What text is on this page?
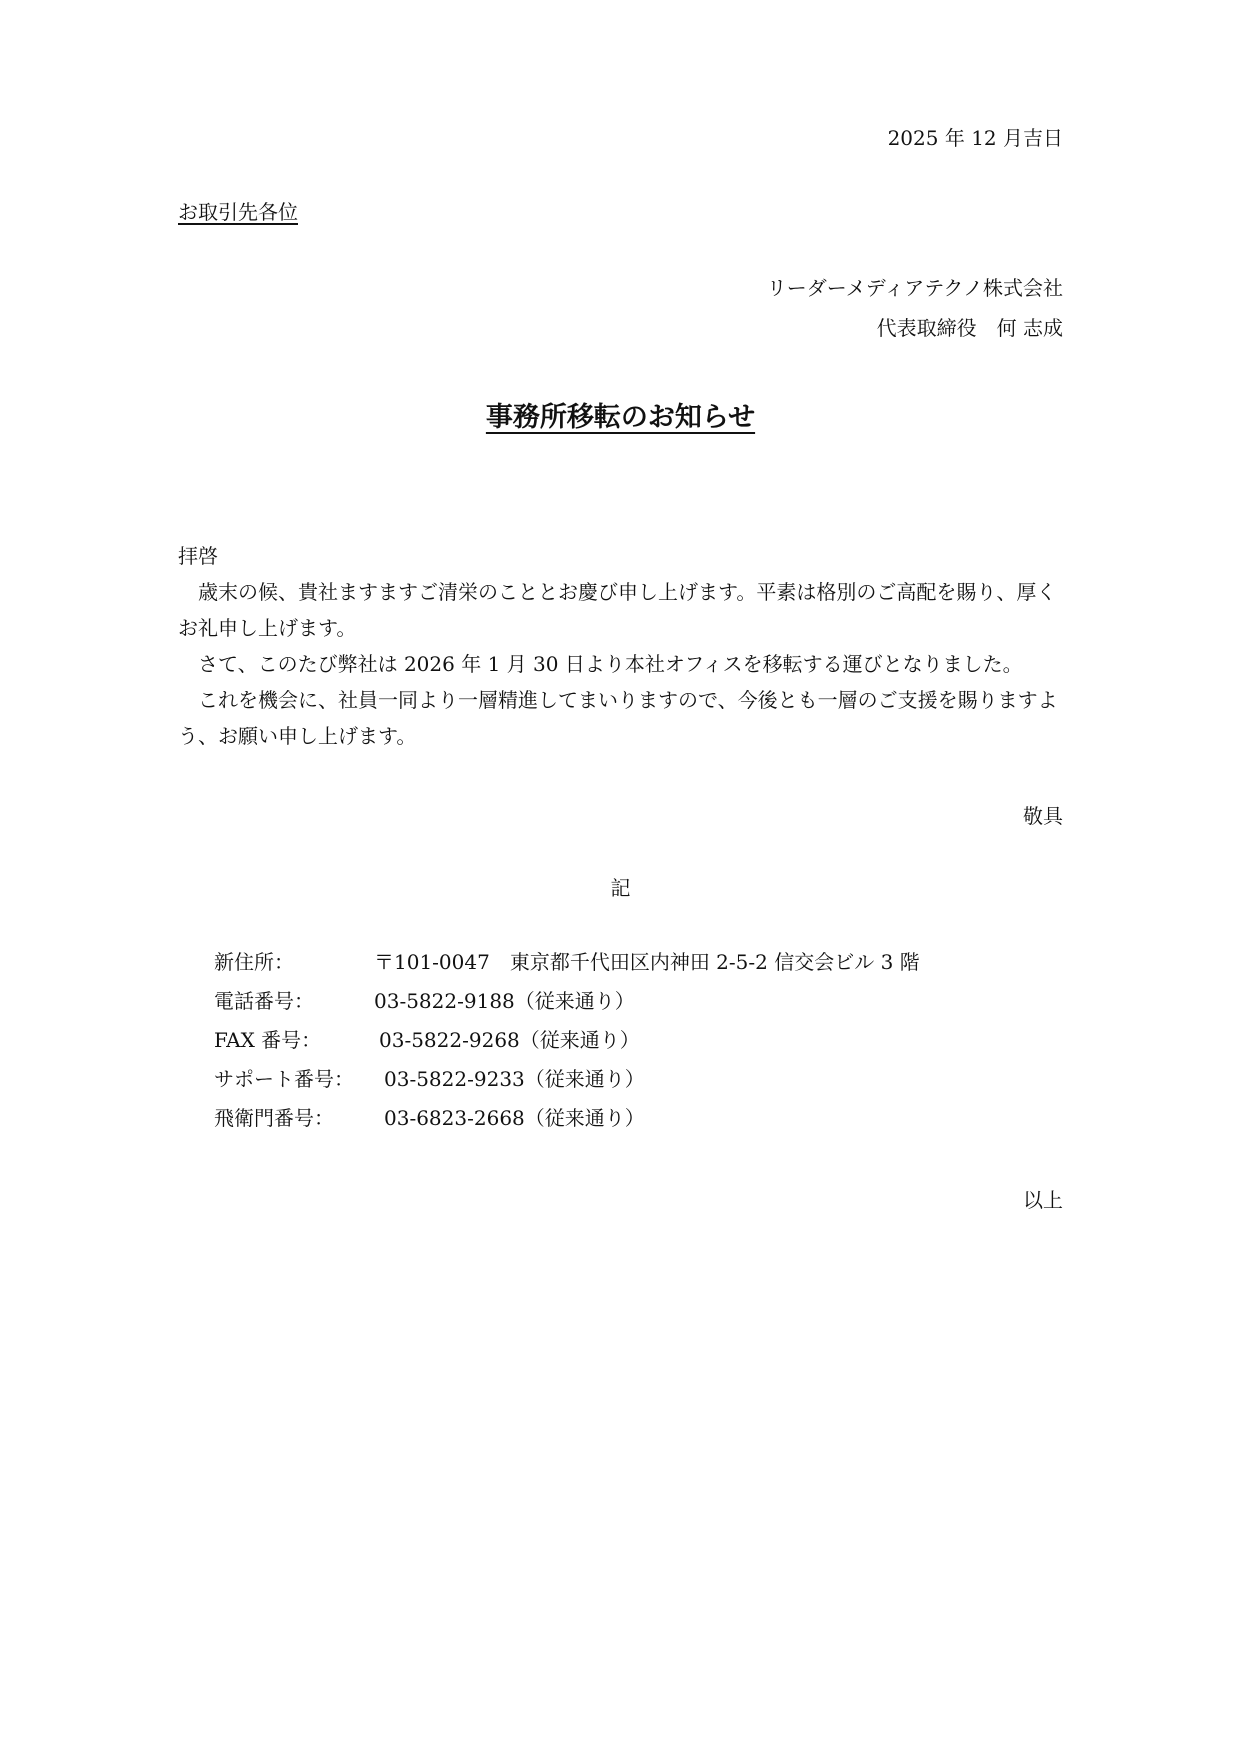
2025 年 12 月吉日
お取引先各位
リーダーメディアテクノ株式会社
代表取締役　何 志成
事務所移転のお知らせ

拝啓

歳末の候、貴社ますますご清栄のこととお慶び申し上げます。平素は格別のご高配を賜り、厚くお礼申し上げます。

さて、このたび弊社は 2026 年 1 月 30 日より本社オフィスを移転する運びとなりました。

これを機会に、社員一同より一層精進してまいりますので、今後とも一層のご支援を賜りますよう、お願い申し上げます。

敬具
記
新住所：	〒101-0047　東京都千代田区内神田 2-5-2 信交会ビル 3 階
電話番号：	03-5822-9188（従来通り）
FAX 番号：	03-5822-9268（従来通り）
サポート番号： 03-5822-9233（従来通り）
飛衛門番号：	03-6823-2668（従来通り）
以上
